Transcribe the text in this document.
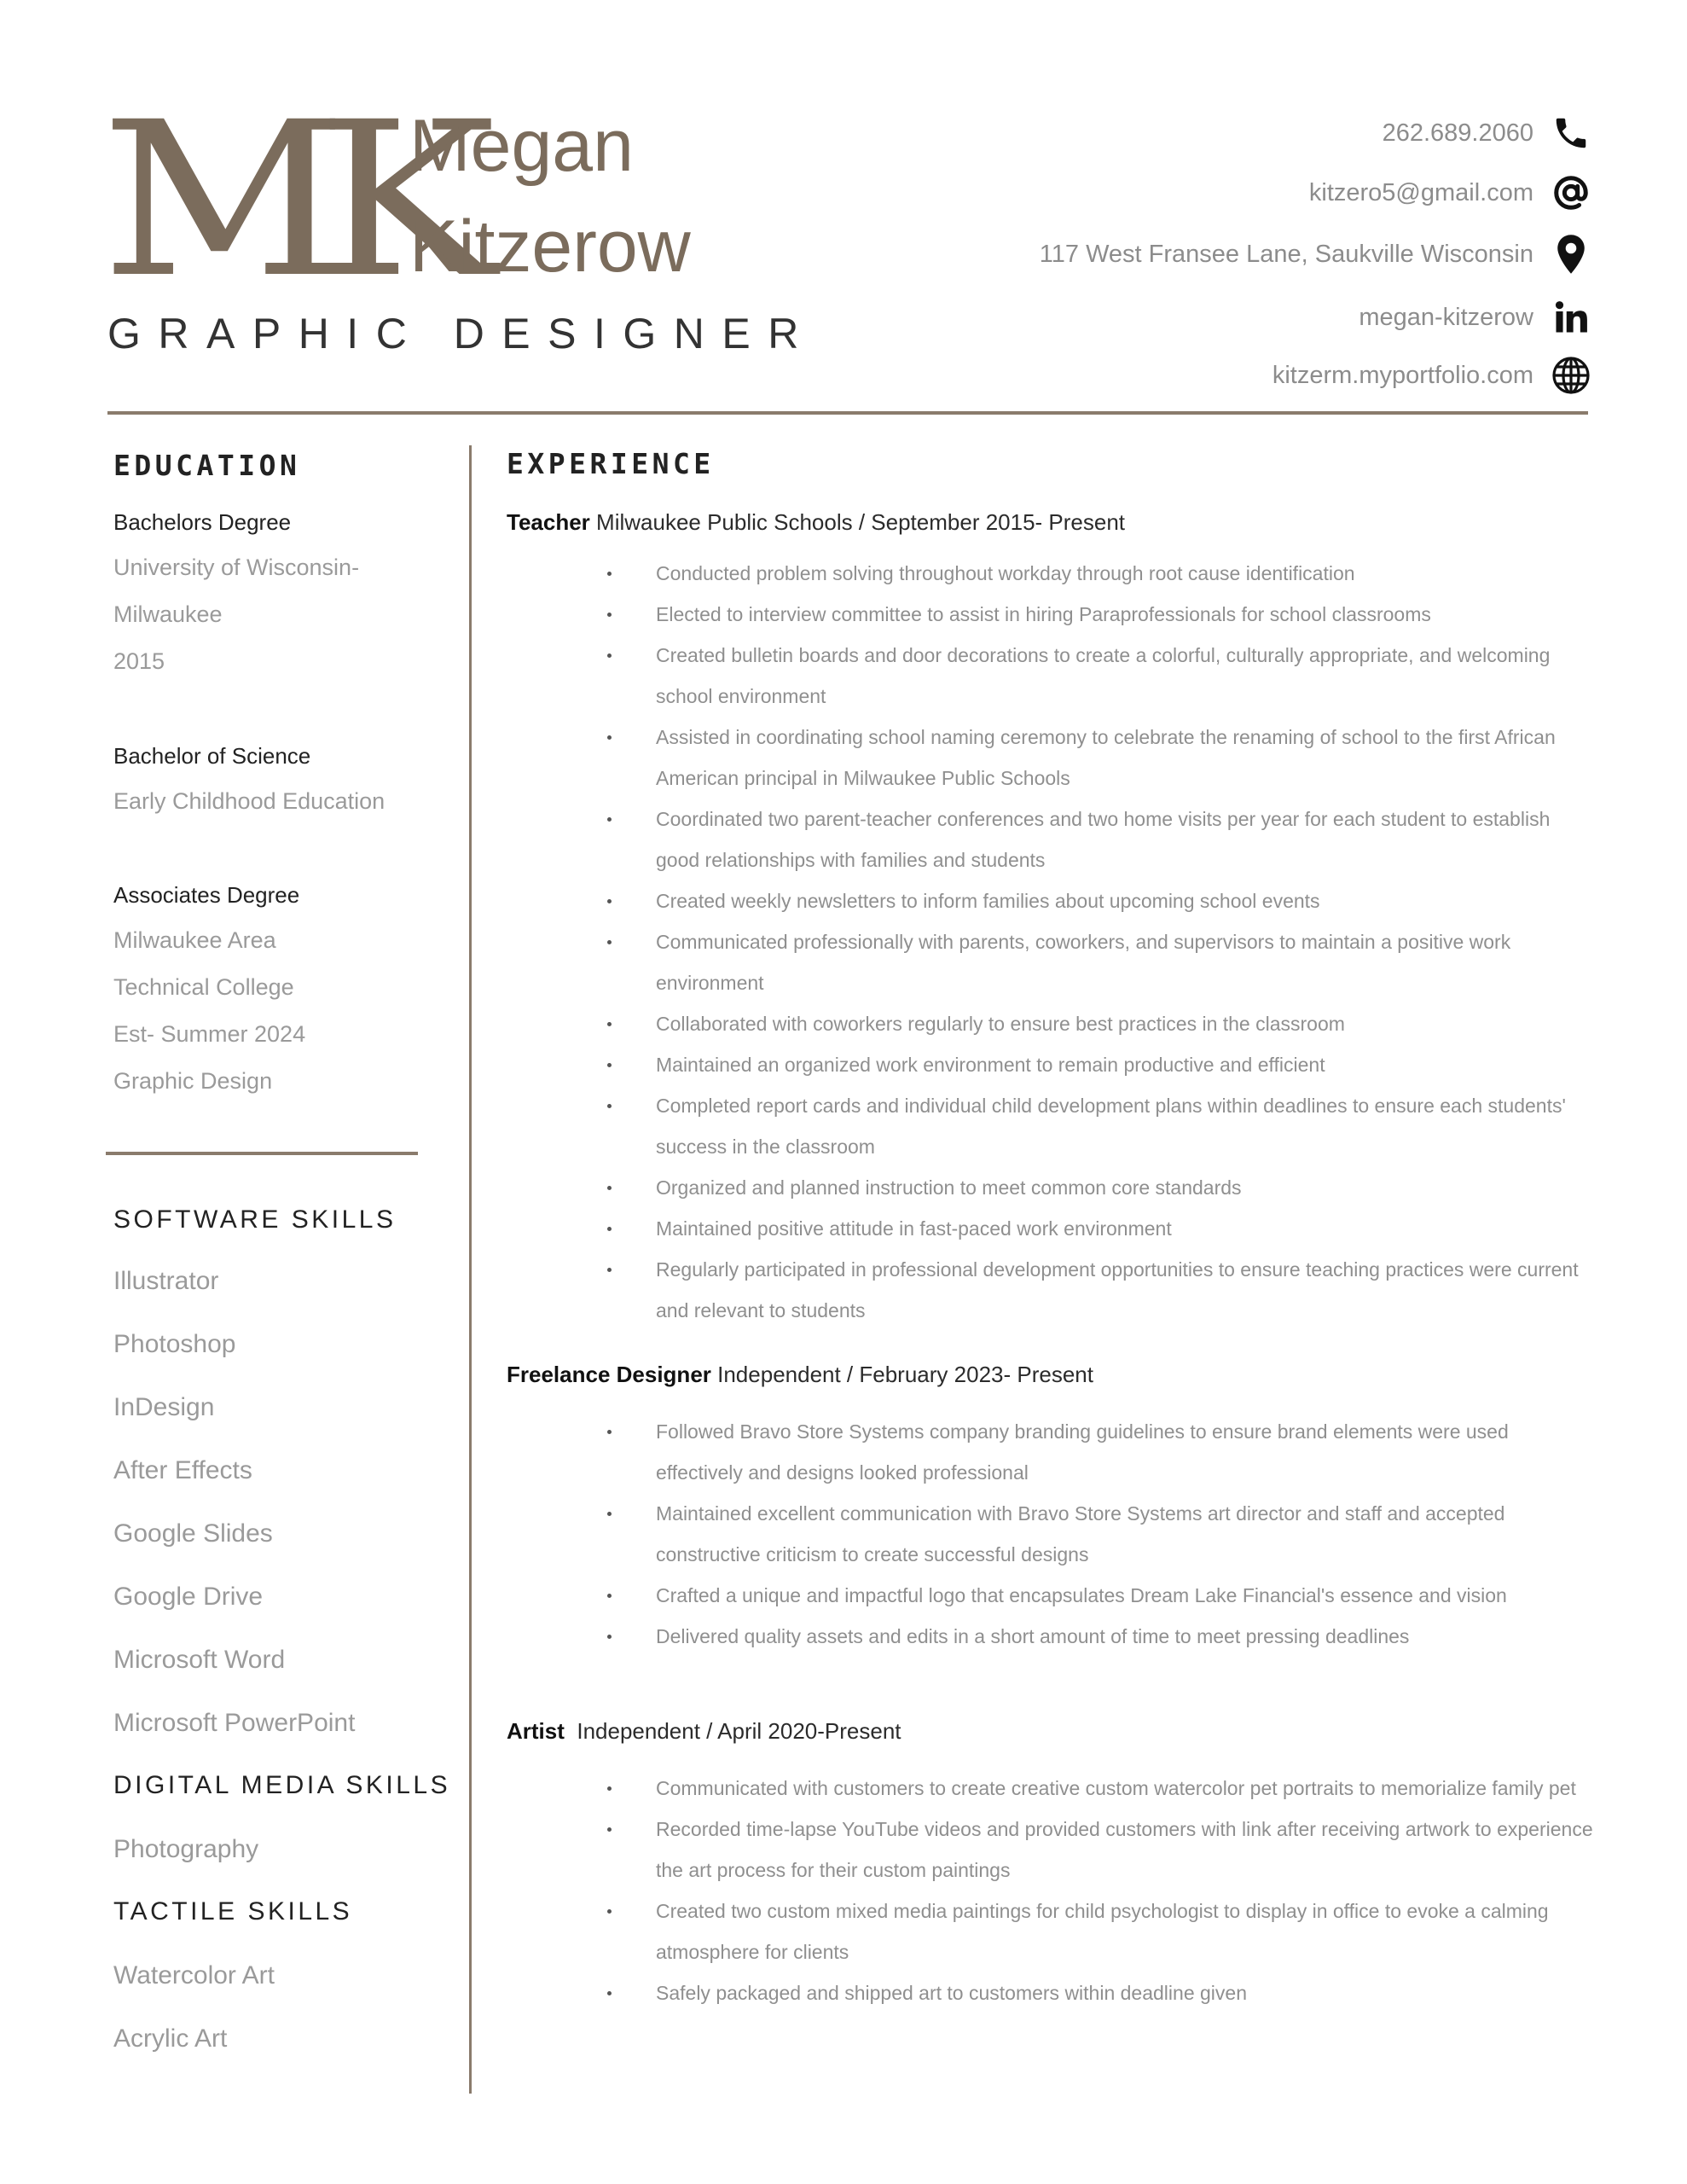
MK
Megan
Kitzerow
GRAPHIC DESIGNER
262.689.2060
kitzero5@gmail.com
117 West Fransee Lane, Saukville Wisconsin
megan-kitzerow
kitzerm.myportfolio.com
EDUCATION
Bachelors Degree
University of Wisconsin-
Milwaukee
2015
Bachelor of Science
Early Childhood Education
Associates Degree
Milwaukee Area
Technical College
Est- Summer 2024
Graphic Design
SOFTWARE SKILLS
Illustrator
Photoshop
InDesign
After Effects
Google Slides
Google Drive
Microsoft Word
Microsoft PowerPoint
DIGITAL MEDIA SKILLS
Photography
TACTILE SKILLS
Watercolor Art
Acrylic Art
EXPERIENCE
Teacher Milwaukee Public Schools / September 2015- Present
Conducted problem solving throughout workday through root cause identification
Elected to interview committee to assist in hiring Paraprofessionals for school classrooms
Created bulletin boards and door decorations to create a colorful, culturally appropriate, and welcoming school environment
Assisted in coordinating school naming ceremony to celebrate the renaming of school to the first African American principal in Milwaukee Public Schools
Coordinated two parent-teacher conferences and two home visits per year for each student to establish good relationships with families and students
Created weekly newsletters to inform families about upcoming school events
Communicated professionally with parents, coworkers, and supervisors to maintain a positive work environment
Collaborated with coworkers regularly to ensure best practices in the classroom
Maintained an organized work environment to remain productive and efficient
Completed report cards and individual child development plans within deadlines to ensure each students' success in the classroom
Organized and planned instruction to meet common core standards
Maintained positive attitude in fast-paced work environment
Regularly participated in professional development opportunities to ensure teaching practices were current and relevant to students
Freelance Designer Independent / February 2023- Present
Followed Bravo Store Systems company branding guidelines to ensure brand elements were used effectively and designs looked professional
Maintained excellent communication with Bravo Store Systems art director and staff and accepted constructive criticism to create successful designs
Crafted a unique and impactful logo that encapsulates Dream Lake Financial's essence and vision
Delivered quality assets and edits in a short amount of time to meet pressing deadlines
Artist Independent / April 2020-Present
Communicated with customers to create creative custom watercolor pet portraits to memorialize family pet
Recorded time-lapse YouTube videos and provided customers with link after receiving artwork to experience the art process for their custom paintings
Created two custom mixed media paintings for child psychologist to display in office to evoke a calming atmosphere for clients
Safely packaged and shipped art to customers within deadline given
